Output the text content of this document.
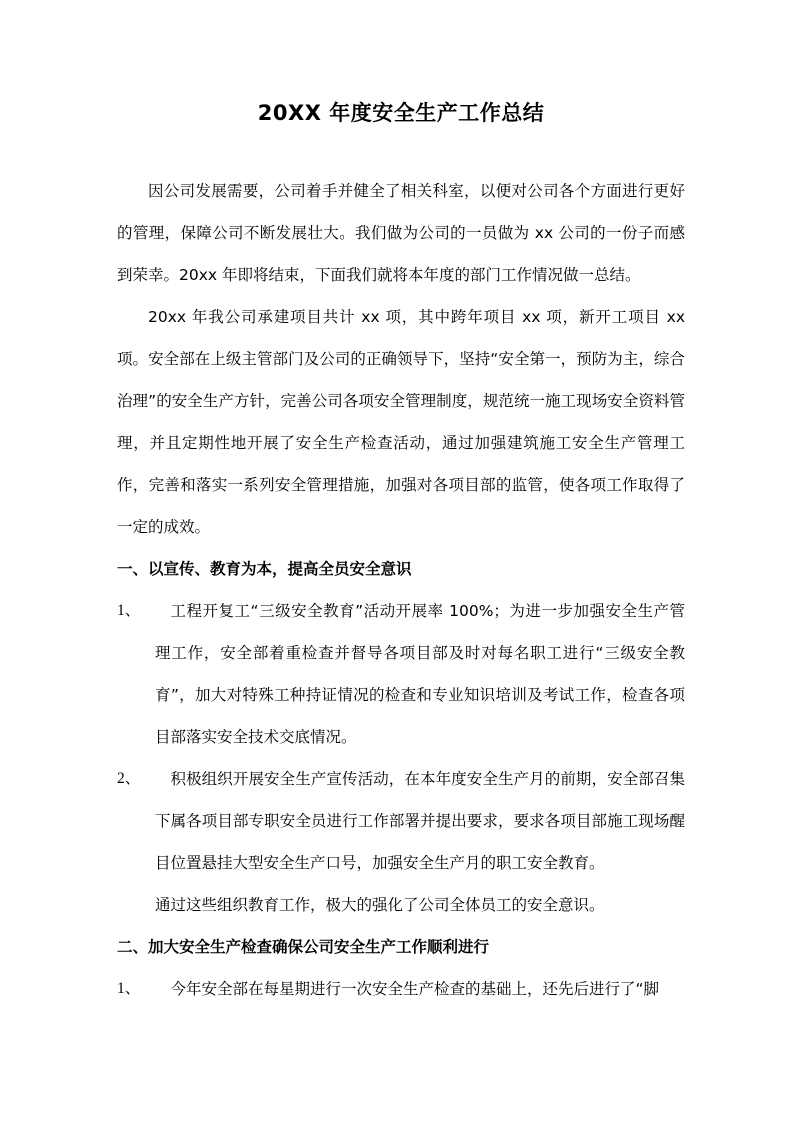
20XX 年度安全生产工作总结

因公司发展需要，公司着手并健全了相关科室，以便对公司各个方面进行更好的管理，保障公司不断发展壮大。我们做为公司的一员做为 xx 公司的一份子而感到荣幸。20xx 年即将结束，下面我们就将本年度的部门工作情况做一总结。

20xx 年我公司承建项目共计 xx 项，其中跨年项目 xx 项，新开工项目 xx 项。安全部在上级主管部门及公司的正确领导下，坚持“安全第一，预防为主，综合治理”的安全生产方针，完善公司各项安全管理制度，规范统一施工现场安全资料管理，并且定期性地开展了安全生产检查活动，通过加强建筑施工安全生产管理工作，完善和落实一系列安全管理措施，加强对各项目部的监管，使各项工作取得了一定的成效。

一、以宣传、教育为本，提高全员安全意识

1、	工程开复工“三级安全教育”活动开展率 100%；为进一步加强安全生产管理工作，安全部着重检查并督导各项目部及时对每名职工进行“三级安全教育”，加大对特殊工种持证情况的检查和专业知识培训及考试工作，检查各项目部落实安全技术交底情况。

2、	积极组织开展安全生产宣传活动，在本年度安全生产月的前期，安全部召集下属各项目部专职安全员进行工作部署并提出要求，要求各项目部施工现场醒目位置悬挂大型安全生产口号，加强安全生产月的职工安全教育。

通过这些组织教育工作，极大的强化了公司全体员工的安全意识。

二、加大安全生产检查确保公司安全生产工作顺利进行

1、	今年安全部在每星期进行一次安全生产检查的基础上，还先后进行了“脚
